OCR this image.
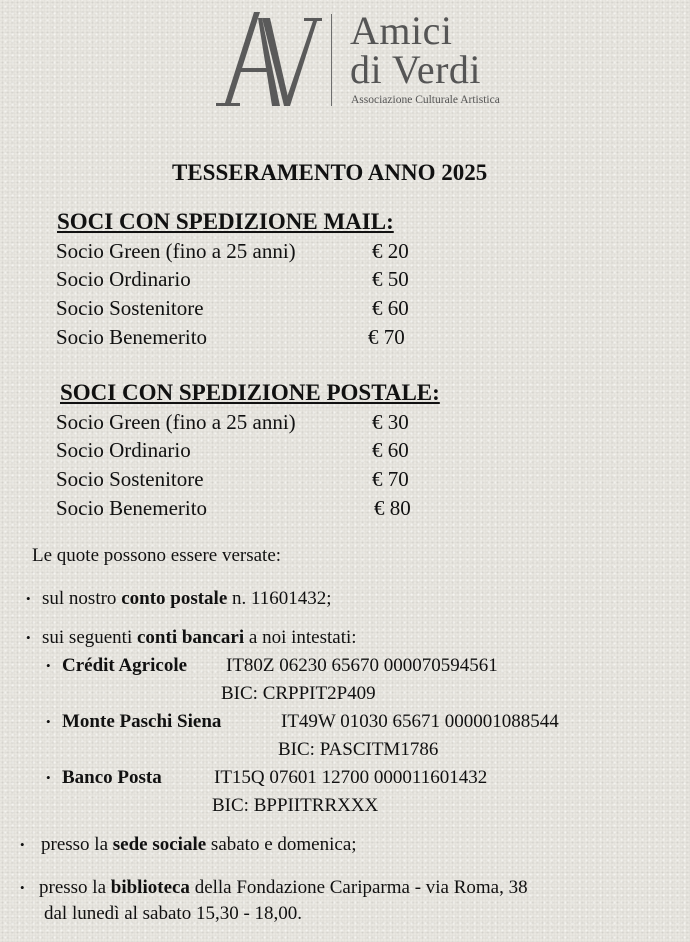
Amici
di Verdi
Associazione Culturale Artistica
TESSERAMENTO ANNO 2025
SOCI CON SPEDIZIONE MAIL:
Socio Green (fino a 25 anni)	€ 20
Socio Ordinario	€ 50
Socio Sostenitore	€ 60
Socio Benemerito	€ 70
SOCI CON SPEDIZIONE POSTALE:
Socio Green (fino a 25 anni)	€ 30
Socio Ordinario	€ 60
Socio Sostenitore	€ 70
Socio Benemerito	€ 80
Le quote possono essere versate:
• sul nostro conto postale n. 11601432;
• sui seguenti conti bancari a noi intestati:
• Crédit Agricole IT80Z 06230 65670 000070594561
BIC: CRPPIT2P409
• Monte Paschi Siena	IT49W 01030 65671 000001088544
BIC: PASCITM1786
• Banco Posta	IT15Q 07601 12700 000011601432
BIC: BPPIITRRXXX
• presso la sede sociale sabato e domenica;
• presso la biblioteca della Fondazione Cariparma - via Roma, 38
dal lunedì al sabato 15,30 - 18,00.
